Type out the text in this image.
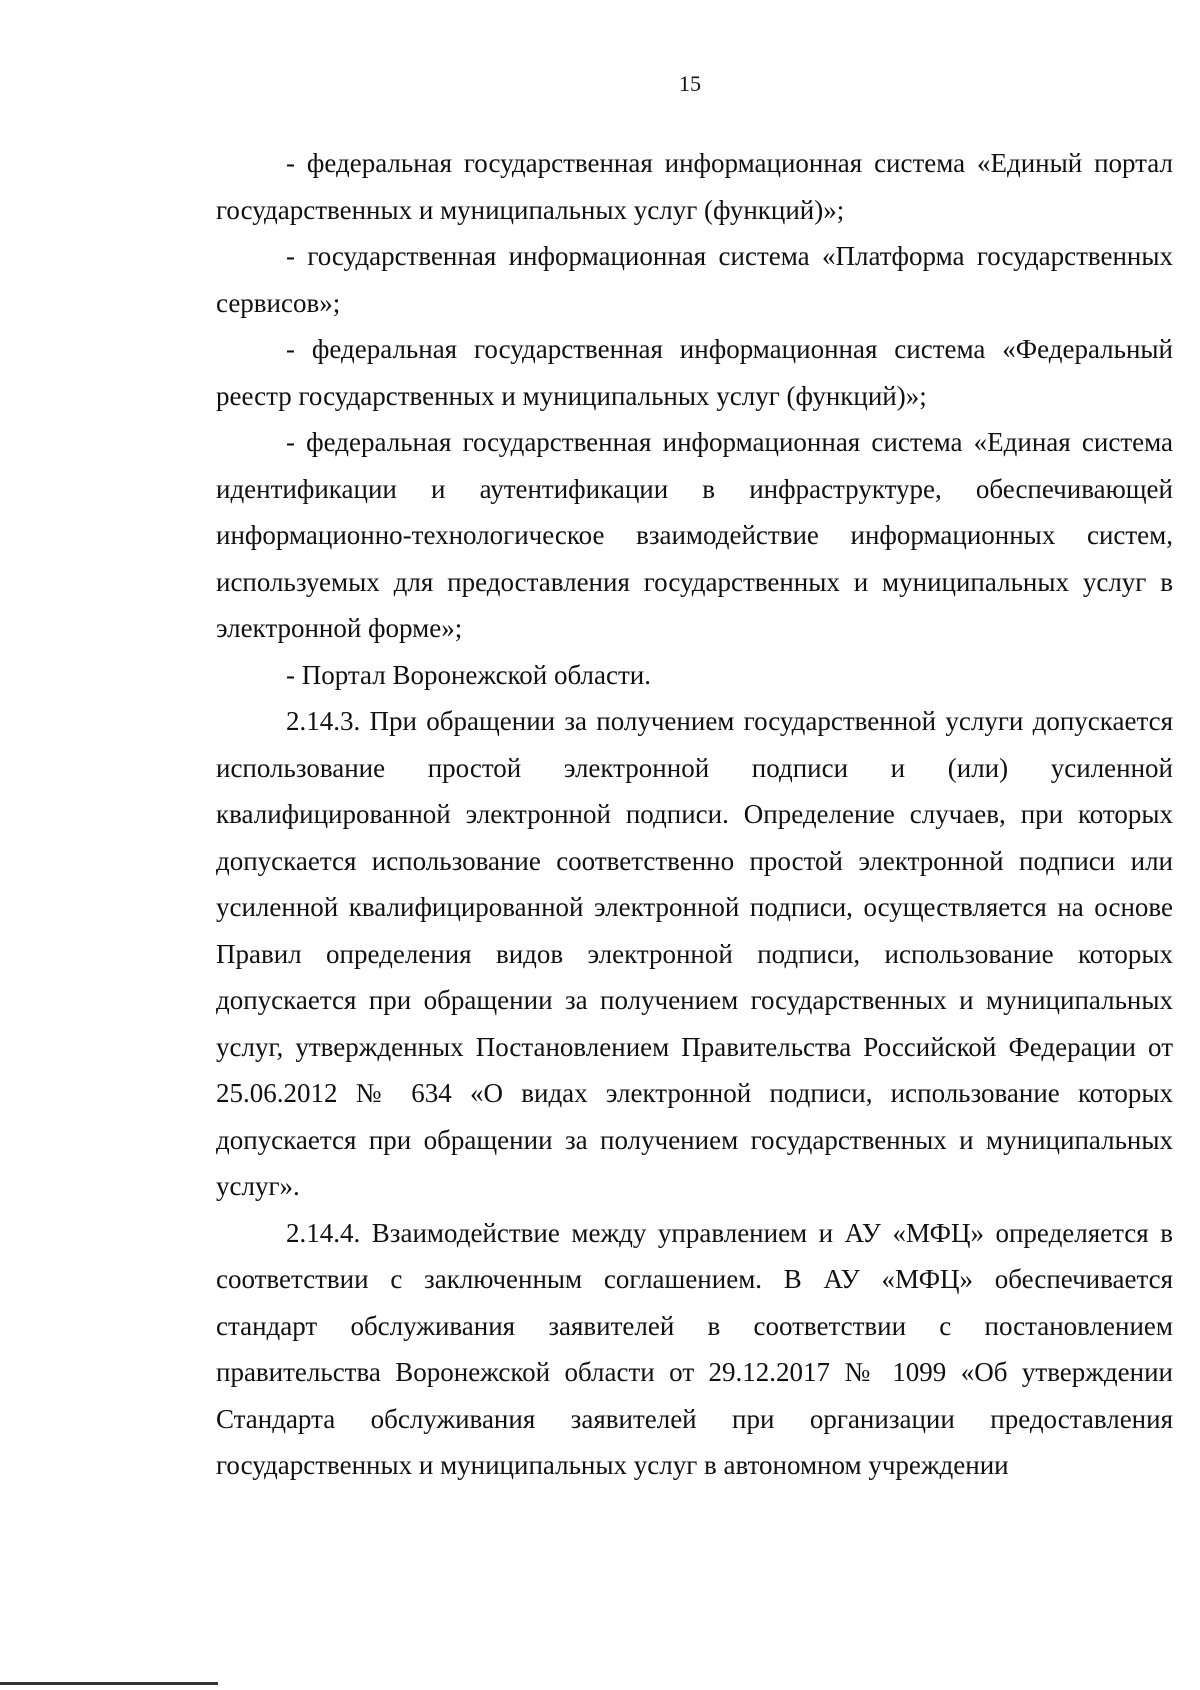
15

- федеральная государственная информационная система «Единый портал государственных и муниципальных услуг (функций)»;

- государственная информационная система «Платформа государственных сервисов»;

- федеральная государственная информационная система «Федеральный реестр государственных и муниципальных услуг (функций)»;

- федеральная государственная информационная система «Единая система идентификации и аутентификации в инфраструктуре, обеспечивающей информационно-технологическое взаимодействие информационных систем, используемых для предоставления государственных и муниципальных услуг в электронной форме»;

- Портал Воронежской области.

2.14.3. При обращении за получением государственной услуги допускается использование простой электронной подписи и (или) усиленной квалифицированной электронной подписи. Определение случаев, при которых допускается использование соответственно простой электронной подписи или усиленной квалифицированной электронной подписи, осуществляется на основе Правил определения видов электронной подписи, использование которых допускается при обращении за получением государственных и муниципальных услуг, утвержденных Постановлением Правительства Российской Федерации от 25.06.2012 № 634 «О видах электронной подписи, использование которых допускается при обращении за получением государственных и муниципальных услуг».

2.14.4. Взаимодействие между управлением и АУ «МФЦ» определяется в соответствии с заключенным соглашением. В АУ «МФЦ» обеспечивается стандарт обслуживания заявителей в соответствии с постановлением правительства Воронежской области от 29.12.2017 № 1099 «Об утверждении Стандарта обслуживания заявителей при организации предоставления государственных и муниципальных услуг в автономном учреждении
